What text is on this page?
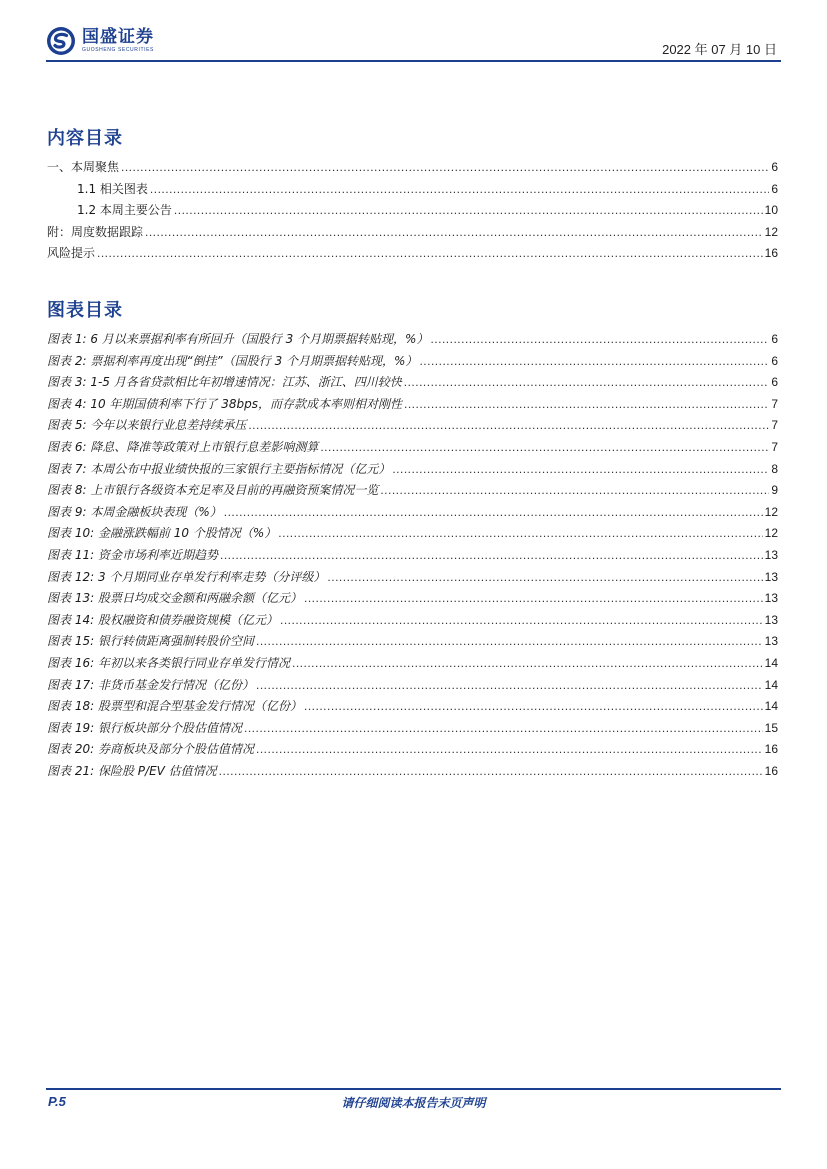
国盛证券
GUOSHENG SECURITIES	2022 年 07 月 10 日
内容目录
一、本周聚焦 .....	6
1.1 相关图表 .....	6
1.2 本周主要公告 .....	10
附：周度数据跟踪 .....	12
风险提示 .....	16
图表目录
图表 1: 6 月以来票据利率有所回升（国股行 3 个月期票据转贴现，%） .....	6
图表 2: 票据利率再度出现“倒挂”（国股行 3 个月期票据转贴现，%） .....	6
图表 3: 1-5 月各省贷款相比年初增速情况：江苏、浙江、四川较快 .....	6
图表 4: 10 年期国债利率下行了 38bps，而存款成本率则相对刚性 .....	7
图表 5: 今年以来银行业息差持续承压 .....	7
图表 6: 降息、降准等政策对上市银行息差影响测算 .....	7
图表 7: 本周公布中报业绩快报的三家银行主要指标情况（亿元） .....	8
图表 8: 上市银行各级资本充足率及目前的再融资预案情况一览 .....	9
图表 9: 本周金融板块表现（%） .....	12
图表 10: 金融涨跌幅前 10 个股情况（%） .....	12
图表 11: 资金市场利率近期趋势 .....	13
图表 12: 3 个月期同业存单发行利率走势（分评级） .....	13
图表 13: 股票日均成交金额和两融余额（亿元） .....	13
图表 14: 股权融资和债券融资规模（亿元） .....	13
图表 15: 银行转债距离强制转股价空间 .....	13
图表 16: 年初以来各类银行同业存单发行情况 .....	14
图表 17: 非货币基金发行情况（亿份） .....	14
图表 18: 股票型和混合型基金发行情况（亿份） .....	14
图表 19: 银行板块部分个股估值情况 .....	15
图表 20: 券商板块及部分个股估值情况 .....	16
图表 21: 保险股 P/EV 估值情况 .....	16
P.5	请仔细阅读本报告末页声明
